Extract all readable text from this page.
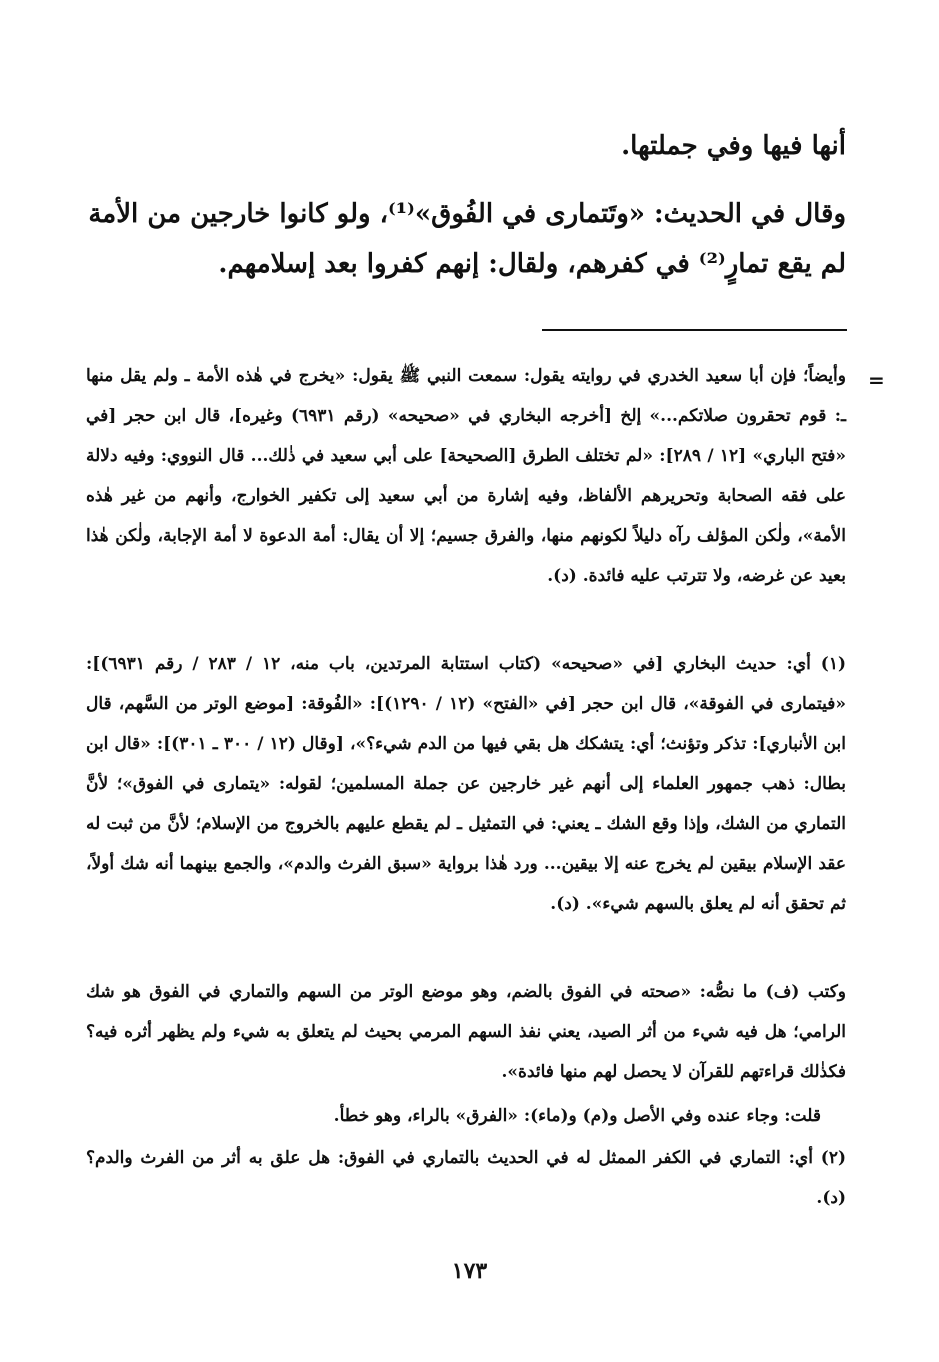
أنها فيها وفي جملتها.
وقال في الحديث: «وتَتمارى في الفُوق»⁽¹⁾، ولو كانوا خارجين من الأمة
لم يقع تمارٍ⁽²⁾ في كفرهم، ولقال: إنهم كفروا بعد إسلامهم.
=

وأيضاً؛ فإن أبا سعيد الخدري في روايته يقول: سمعت النبي ﷺ يقول: «يخرج في هٰذه الأمة ـ ولم يقل منها ـ: قوم تحقرون صلاتكم...» إلخ [أخرجه البخاري في «صحيحه» (رقم ٦٩٣١) وغيره]، قال ابن حجر [في «فتح الباري» [١٢ / ٢٨٩]: «لم تختلف الطرق [الصحيحة] على أبي سعيد في ذٰلك... قال النووي: وفيه دلالة على فقه الصحابة وتحريرهم الألفاظ، وفيه إشارة من أبي سعيد إلى تكفير الخوارج، وأنهم من غير هٰذه الأمة»، ولٰكن المؤلف رآه دليلاً لكونهم منها، والفرق جسيم؛ إلا أن يقال: أمة الدعوة لا أمة الإجابة، ولٰكن هٰذا بعيد عن غرضه، ولا تترتب عليه فائدة. (د).

(١) أي: حديث البخاري [في «صحيحه» (كتاب استتابة المرتدين، باب منه، ١٢ / ٢٨٣ / رقم ٦٩٣١)]: «فيتمارى في الفوقة»، قال ابن حجر [في «الفتح» (١٢ / ١٢٩٠)]: «الفُوقة: [موضع الوتر من السَّهم، قال ابن الأنباري]: تذكر وتؤنث؛ أي: يتشكك هل بقي فيها من الدم شيء؟»، [وقال (١٢ / ٣٠٠ ـ ٣٠١)]: «قال ابن بطال: ذهب جمهور العلماء إلى أنهم غير خارجين عن جملة المسلمين؛ لقوله: «يتمارى في الفوق»؛ لأنَّ التماري من الشك، وإذا وقع الشك ـ يعني: في التمثيل ـ لم يقطع عليهم بالخروج من الإسلام؛ لأنَّ من ثبت له عقد الإسلام بيقين لم يخرج عنه إلا بيقين... ورد هٰذا برواية «سبق الفرث والدم»، والجمع بينهما أنه شك أولاً، ثم تحقق أنه لم يعلق بالسهم شيء». (د).

وكتب (ف) ما نصُّه: «صحته في الفوق بالضم، وهو موضع الوتر من السهم والتماري في الفوق هو شك الرامي؛ هل فيه شيء من أثر الصيد، يعني نفذ السهم المرمي بحيث لم يتعلق به شيء ولم يظهر أثره فيه؟ فكذٰلك قراءتهم للقرآن لا يحصل لهم منها فائدة».

قلت: وجاء عنده وفي الأصل و(م) و(ماء): «الفرق» بالراء، وهو خطأ.

(٢) أي: التماري في الكفر الممثل له في الحديث بالتماري في الفوق: هل علق به أثر من الفرث والدم؟ (د).

١٧٣
